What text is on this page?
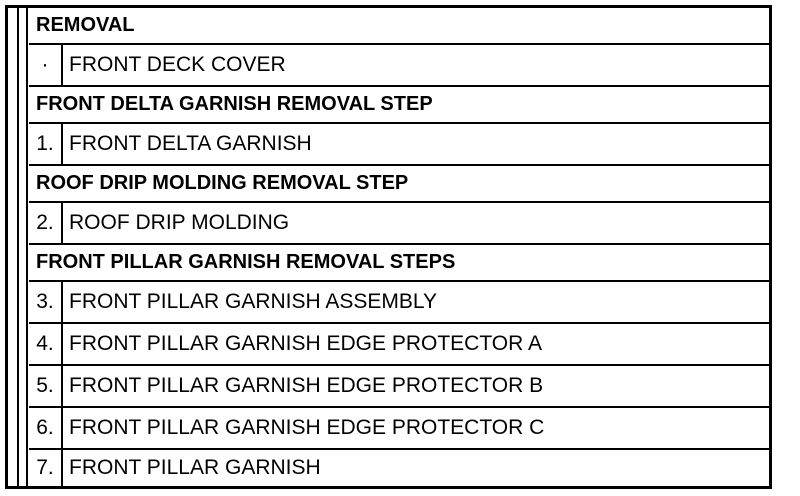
REMOVAL
· FRONT DECK COVER
FRONT DELTA GARNISH REMOVAL STEP
1. FRONT DELTA GARNISH
ROOF DRIP MOLDING REMOVAL STEP
2. ROOF DRIP MOLDING
FRONT PILLAR GARNISH REMOVAL STEPS
3. FRONT PILLAR GARNISH ASSEMBLY
4. FRONT PILLAR GARNISH EDGE PROTECTOR A
5. FRONT PILLAR GARNISH EDGE PROTECTOR B
6. FRONT PILLAR GARNISH EDGE PROTECTOR C
7. FRONT PILLAR GARNISH
